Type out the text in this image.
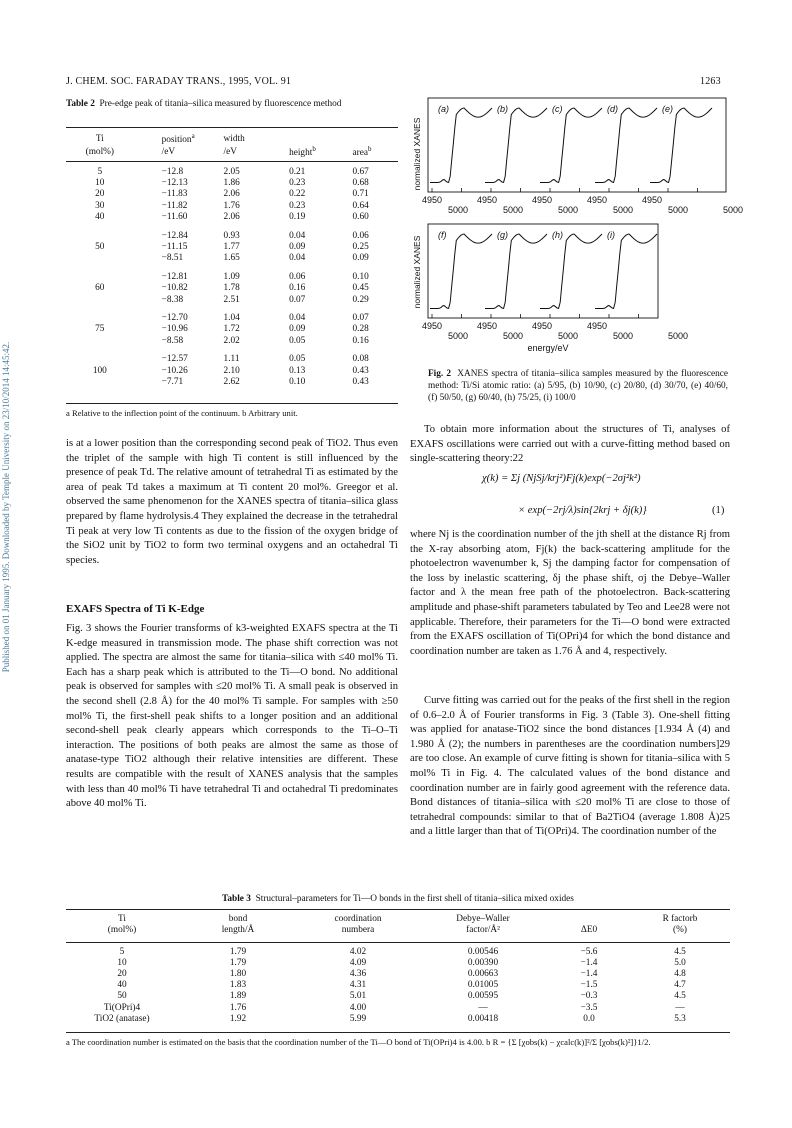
J. CHEM. SOC. FARADAY TRANS., 1995, VOL. 91	1263
Published on 01 January 1995. Downloaded by Temple University on 23/10/2014 14:45:42.
Table 2 Pre-edge peak of titania–silica measured by fluorescence method
Ti	position$^a$	width		
(mol%)	/eV	/eV	height$^b$	area$^b$
5	−12.8	2.05	0.21	0.67
10	−12.13	1.86	0.23	0.68
20	−11.83	2.06	0.22	0.71
30	−11.82	1.76	0.23	0.64
40	−11.60	2.06	0.19	0.60

	−12.84	0.93	0.04	0.06
50	−11.15	1.77	0.09	0.25
	−8.51	1.65	0.04	0.09

	−12.81	1.09	0.06	0.10
60	−10.82	1.78	0.16	0.45
	−8.38	2.51	0.07	0.29

	−12.70	1.04	0.04	0.07
75	−10.96	1.72	0.09	0.28
	−8.58	2.02	0.05	0.16

	−12.57	1.11	0.05	0.08
100	−10.26	2.10	0.13	0.43
	−7.71	2.62	0.10	0.43
a Relative to the inflection point of the continuum. b Arbitrary unit.
(a)	(b)	(c)	(d)	(e)
4950
5000
4950
5000
4950
5000
4950
5000
4950
5000	5000
normalized XANES
(f)	(g)	(h)	(i)
4950
5000
4950
5000
4950
5000
4950
5000	5000
normalized XANES
energy/eV
Fig. 2 XANES spectra of titania–silica samples measured by the fluorescence method: Ti/Si atomic ratio: (a) 5/95, (b) 10/90, (c) 20/80, (d) 30/70, (e) 40/60, (f) 50/50, (g) 60/40, (h) 75/25, (i) 100/0
is at a lower position than the corresponding second peak of TiO2. Thus even the triplet of the sample with high Ti content is still influenced by the presence of peak Td. The relative amount of tetrahedral Ti as estimated by the area of peak Td takes a maximum at Ti content 20 mol%. Greegor et al. observed the same phenomenon for the XANES spectra of titania–silica glass prepared by flame hydrolysis.4 They explained the decrease in the tetrahedral Ti peak at very low Ti contents as due to the fission of the oxygen bridge of the SiO2 unit by TiO2 to form two terminal oxygens and an octahedral Ti species.
EXAFS Spectra of Ti K-Edge
Fig. 3 shows the Fourier transforms of k3-weighted EXAFS spectra at the Ti K-edge measured in transmission mode. The phase shift correction was not applied. The spectra are almost the same for titania–silica with ≤40 mol% Ti. Each has a sharp peak which is attributed to the Ti—O bond. No additional peak is observed for samples with ≤20 mol% Ti. A small peak is observed in the second shell (2.8 Å) for the 40 mol% Ti sample. For samples with ≥50 mol% Ti, the first-shell peak shifts to a longer position and an additional second-shell peak clearly appears which corresponds to the Ti–O–Ti interaction. The positions of both peaks are almost the same as those of anatase-type TiO2 although their relative intensities are different. These results are compatible with the result of XANES analysis that the samples with less than 40 mol% Ti have tetrahedral Ti and octahedral Ti predominates above 40 mol% Ti.
To obtain more information about the structures of Ti, analyses of EXAFS oscillations were carried out with a curve-fitting method based on single-scattering theory:22
χ(k) = Σj (NjSj/krj²)Fj(k)exp(−2σj²k²)
× exp(−2rj/λ)sin{2krj + δj(k)}	(1)
where Nj is the coordination number of the jth shell at the distance Rj from the X-ray absorbing atom, Fj(k) the back-scattering amplitude for the photoelectron wavenumber k, Sj the damping factor for compensation of the loss by inelastic scattering, δj the phase shift, σj the Debye–Waller factor and λ the mean free path of the photoelectron. Back-scattering amplitude and phase-shift parameters tabulated by Teo and Lee28 were not applicable. Therefore, their parameters for the Ti—O bond were extracted from the EXAFS oscillation of Ti(OPri)4 for which the bond distance and coordination number are taken as 1.76 Å and 4, respectively.
Curve fitting was carried out for the peaks of the first shell in the region of 0.6–2.0 Å of Fourier transforms in Fig. 3 (Table 3). One-shell fitting was applied for anatase-TiO2 since the bond distances [1.934 Å (4) and 1.980 Å (2); the numbers in parentheses are the coordination numbers]29 are too close. An example of curve fitting is shown for titania–silica with 5 mol% Ti in Fig. 4. The calculated values of the bond distance and coordination number are in fairly good agreement with the reference data. Bond distances of titania–silica with ≤20 mol% Ti are close to those of tetrahedral compounds: similar to that of Ba2TiO4 (average 1.808 Å)25 and a little larger than that of Ti(OPri)4. The coordination number of the
Table 3 Structural–parameters for Ti—O bonds in the first shell of titania–silica mixed oxides
Ti	bond	coordination	Debye–Waller		R factorb
(mol%)	length/Å	numbera	factor/Å²	ΔE0	(%)
5	1.79	4.02	0.00546	−5.6	4.5
10	1.79	4.09	0.00390	−1.4	5.0
20	1.80	4.36	0.00663	−1.4	4.8
40	1.83	4.31	0.01005	−1.5	4.7
50	1.89	5.01	0.00595	−0.3	4.5
Ti(OPri)4	1.76	4.00	—	−3.5	—
TiO2 (anatase)	1.92	5.99	0.00418	0.0	5.3
a The coordination number is estimated on the basis that the coordination number of the Ti—O bond of Ti(OPri)4 is 4.00. b R = {Σ [χobs(k) − χcalc(k)]²/Σ [χobs(k)²]}1/2.
